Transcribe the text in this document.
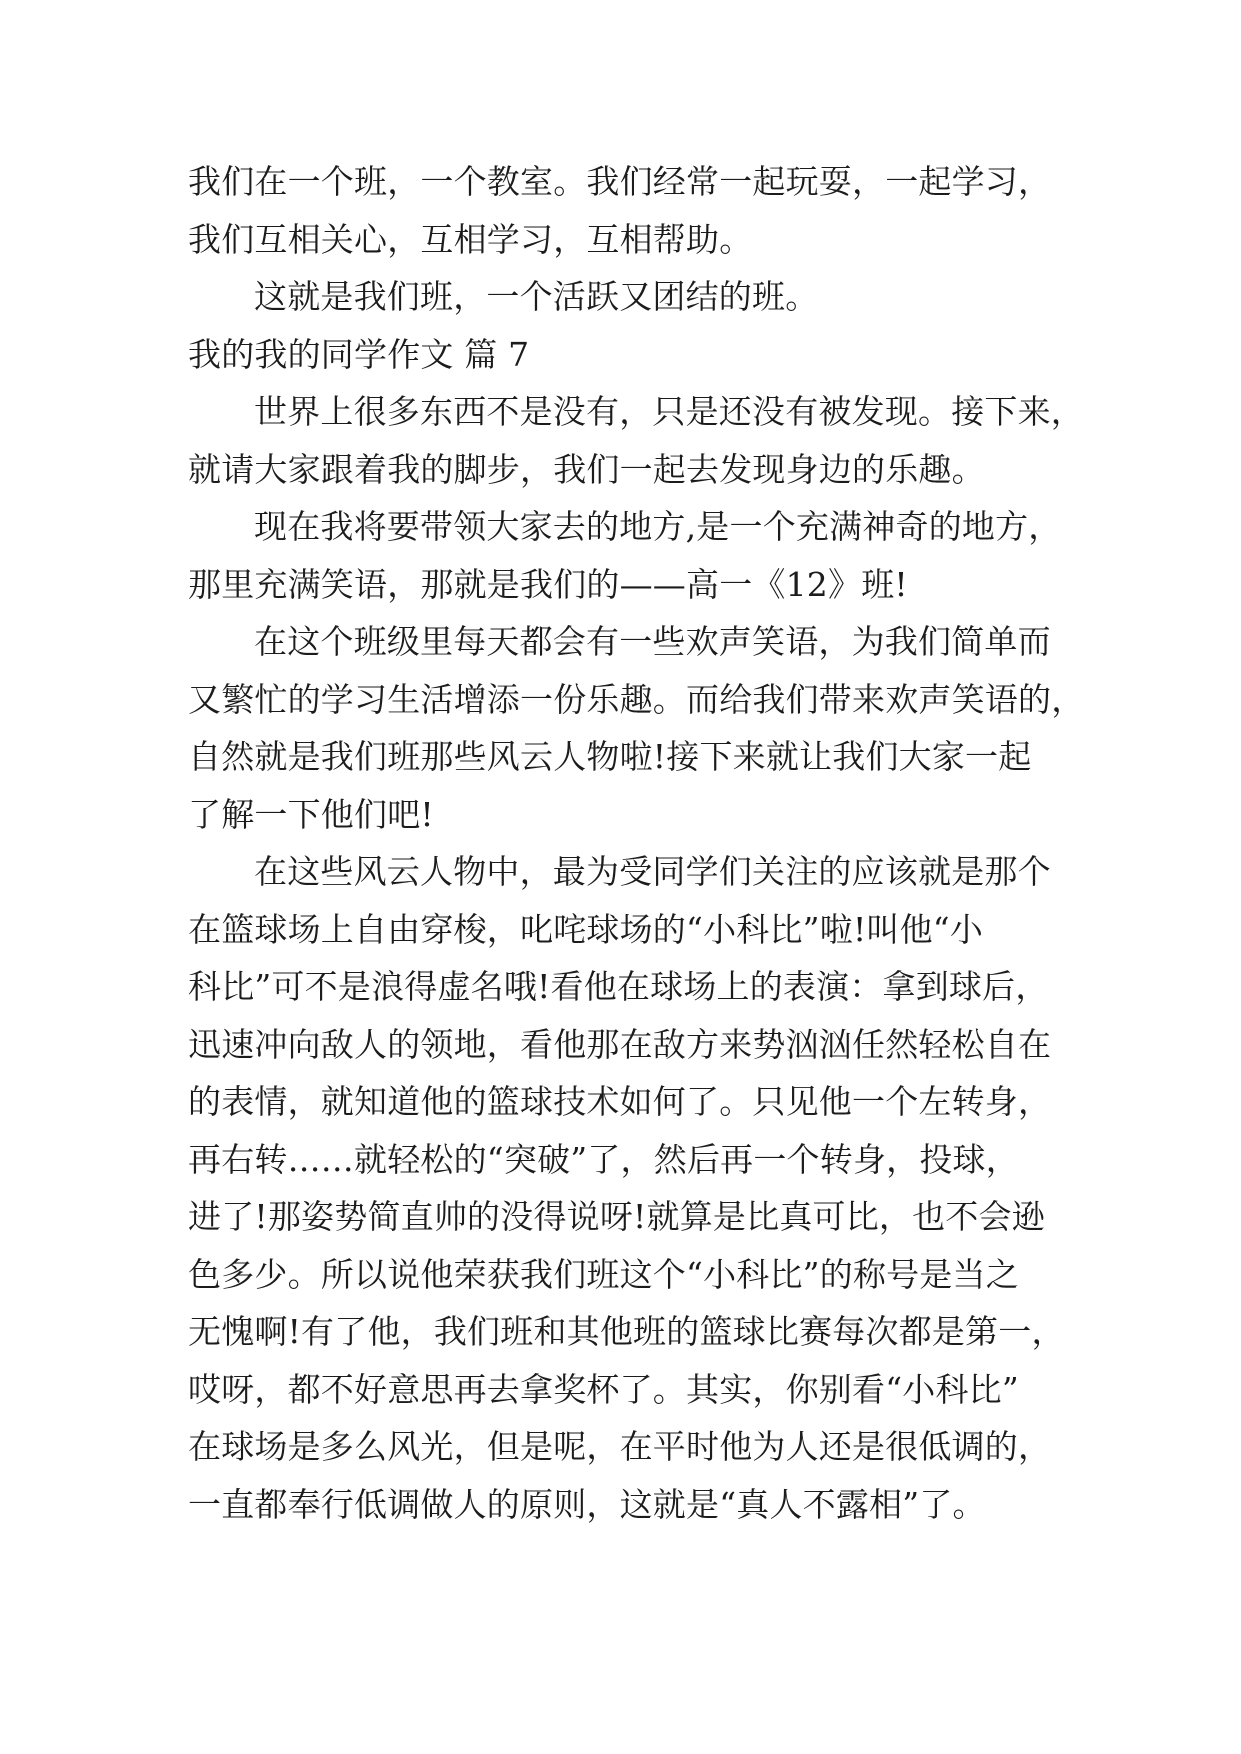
我们在一个班，一个教室。我们经常一起玩耍，一起学习，
我们互相关心，互相学习，互相帮助。
这就是我们班，一个活跃又团结的班。
我的我的同学作文 篇 7
世界上很多东西不是没有，只是还没有被发现。接下来，
就请大家跟着我的脚步，我们一起去发现身边的乐趣。
现在我将要带领大家去的地方,是一个充满神奇的地方，
那里充满笑语，那就是我们的——高一《12》班!
在这个班级里每天都会有一些欢声笑语，为我们简单而
又繁忙的学习生活增添一份乐趣。而给我们带来欢声笑语的，
自然就是我们班那些风云人物啦!接下来就让我们大家一起
了解一下他们吧!
在这些风云人物中，最为受同学们关注的应该就是那个
在篮球场上自由穿梭，叱咤球场的“小科比”啦!叫他“小
科比”可不是浪得虚名哦!看他在球场上的表演：拿到球后，
迅速冲向敌人的领地，看他那在敌方来势汹汹任然轻松自在
的表情，就知道他的篮球技术如何了。只见他一个左转身，
再右转……就轻松的“突破”了，然后再一个转身，投球，
进了!那姿势简直帅的没得说呀!就算是比真可比，也不会逊
色多少。所以说他荣获我们班这个“小科比”的称号是当之
无愧啊!有了他，我们班和其他班的篮球比赛每次都是第一，
哎呀，都不好意思再去拿奖杯了。其实，你别看“小科比”
在球场是多么风光，但是呢，在平时他为人还是很低调的，
一直都奉行低调做人的原则，这就是“真人不露相”了。
